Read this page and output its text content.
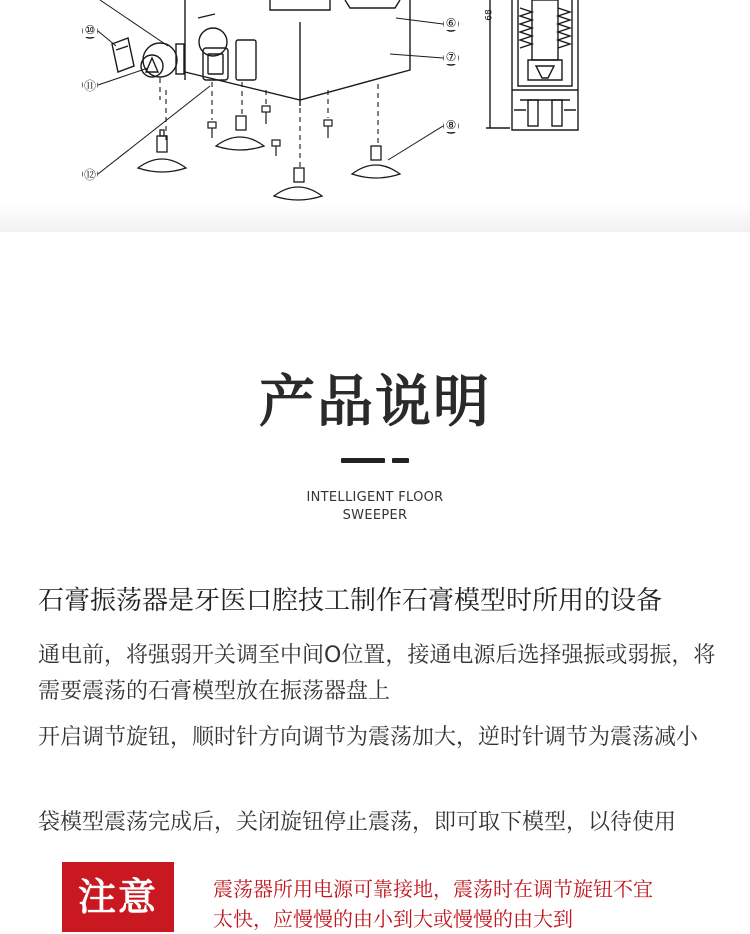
⑩
⑪
⑫
⑥
⑦
⑧
68
产品说明
INTELLIGENT FLOOR
SWEEPER
石膏振荡器是牙医口腔技工制作石膏模型时所用的设备
通电前，将强弱开关调至中间O位置，接通电源后选择强振或弱振，将需要震荡的石膏模型放在振荡器盘上
开启调节旋钮，顺时针方向调节为震荡加大，逆时针调节为震荡减小
袋模型震荡完成后，关闭旋钮停止震荡，即可取下模型，以待使用
注意	震荡器所用电源可靠接地，震荡时在调节旋钮不宜太快，应慢慢的由小到大或慢慢的由大到
